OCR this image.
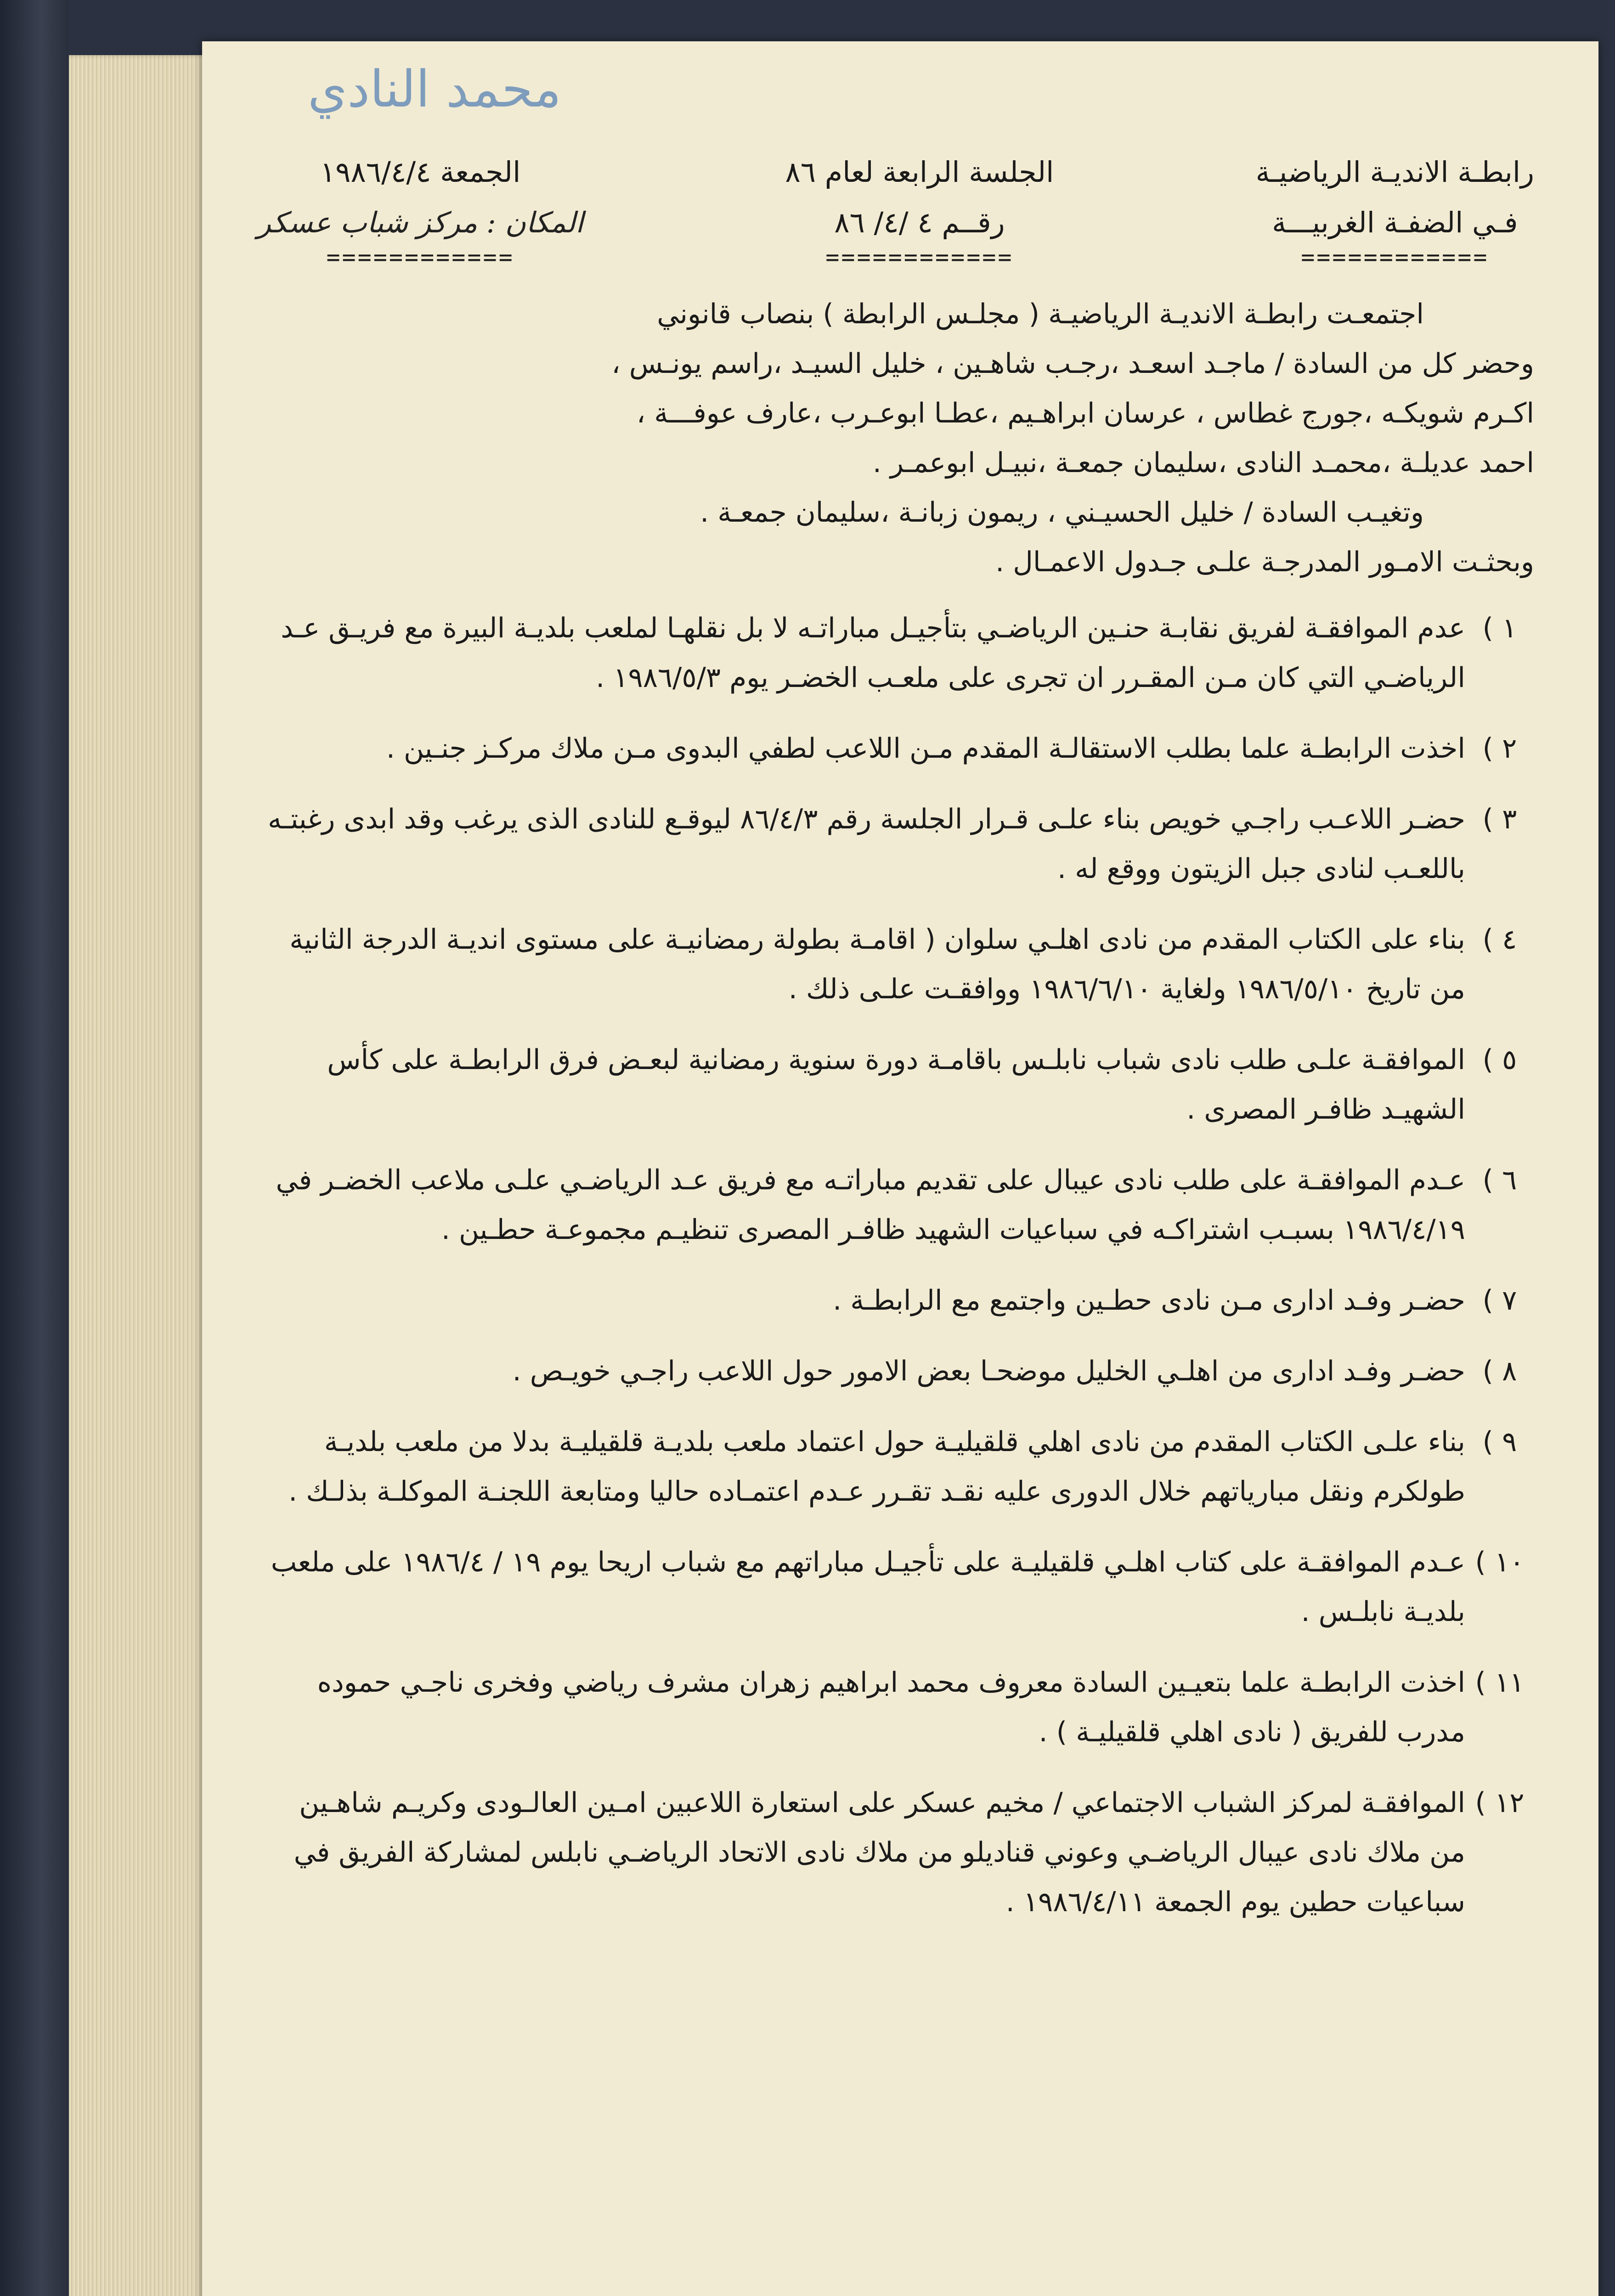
محمد النادي
رابطـة الانديـة الرياضيـة
فـي الضفـة الغربيـــة
============
الجلسة الرابعة لعام ٨٦
رقــم ٤ /٤/ ٨٦
============
الجمعة ١٩٨٦/٤/٤
المكان : مركز شباب عسكر
============

اجتمعـت رابطـة الانديـة الرياضيـة ( مجلـس الرابطة ) بنصاب قانوني

وحضر كل من السادة / ماجـد اسعـد ،رجـب شاهـين ، خليل السيـد ،راسم يونـس ،

اكـرم شويكـه ،جورج غطاس ، عرسان ابراهـيم ،عطـا ابوعـرب ،عارف عوفـــة ،

احمد عديلـة ،محمـد النادى ،سليمان جمعـة ،نبيـل ابوعمـر .

وتغيـب السادة / خليل الحسيـني ، ريمون زبانـة ،سليمان جمعـة .

وبحثـت الامـور المدرجـة علـى جـدول الاعمـال .

١ )
عدم الموافقـة لفريق نقابـة حنـين الرياضـي بتأجيـل مباراتـه لا بل نقلهـا لملعب بلديـة البيرة مع فريـق عـد الرياضـي التي كان مـن المقـرر ان تجرى على ملعـب الخضـر يوم ١٩٨٦/٥/٣ .
٢ )
اخذت الرابطـة علما بطلب الاستقالـة المقدم مـن اللاعب لطفي البدوى مـن ملاك مركـز جنـين .
٣ )
حضـر اللاعـب راجـي خويص بناء علـى قـرار الجلسة رقم ٨٦/٤/٣ ليوقـع للنادى الذى يرغب وقد ابدى رغبتـه باللعـب لنادى جبل الزيتون ووقع له .
٤ )
بناء على الكتاب المقدم من نادى اهلـي سلوان ( اقامـة بطولة رمضانيـة على مستوى انديـة الدرجة الثانية من تاريخ ١٩٨٦/٥/١٠ ولغاية ١٩٨٦/٦/١٠ ووافقـت علـى ذلك .
٥ )
الموافقـة علـى طلب نادى شباب نابلـس باقامـة دورة سنوية رمضانية لبعـض فرق الرابطـة على كأس الشهيـد ظافـر المصرى .
٦ )
عـدم الموافقـة على طلب نادى عيبال على تقديم مباراتـه مع فريق عـد الرياضـي علـى ملاعب الخضـر في ١٩٨٦/٤/١٩ بسبـب اشتراكـه في سباعيات الشهيد ظافـر المصرى تنظيـم مجموعـة حطـين .
٧ )
حضـر وفـد ادارى مـن نادى حطـين واجتمع مع الرابطـة .
٨ )
حضـر وفـد ادارى من اهلـي الخليل موضحـا بعض الامور حول اللاعب راجـي خويـص .
٩ )
بناء علـى الكتاب المقدم من نادى اهلي قلقيليـة حول اعتماد ملعب بلديـة قلقيليـة بدلا من ملعب بلديـة طولكرم ونقل مبارياتهم خلال الدورى عليه نقـد تقـرر عـدم اعتمـاده حاليا ومتابعة اللجنـة الموكلـة بذلـك .
١٠ )
عـدم الموافقـة على كتاب اهلـي قلقيليـة على تأجيـل مباراتهم مع شباب اريحا يوم ١٩ / ١٩٨٦/٤ على ملعب بلديـة نابلـس .
١١ )
اخذت الرابطـة علما بتعيـين السادة معروف محمد ابراهيم زهران مشرف رياضي وفخرى ناجـي حموده مدرب للفريق ( نادى اهلي قلقيليـة ) .
١٢ )
الموافقـة لمركز الشباب الاجتماعي / مخيم عسكر على استعارة اللاعبين امـين العالـودى وكريـم شاهـين من ملاك نادى عيبال الرياضـي وعوني قناديلو من ملاك نادى الاتحاد الرياضـي نابلس لمشاركة الفريق في سباعيات حطين يوم الجمعة ١٩٨٦/٤/١١ .
